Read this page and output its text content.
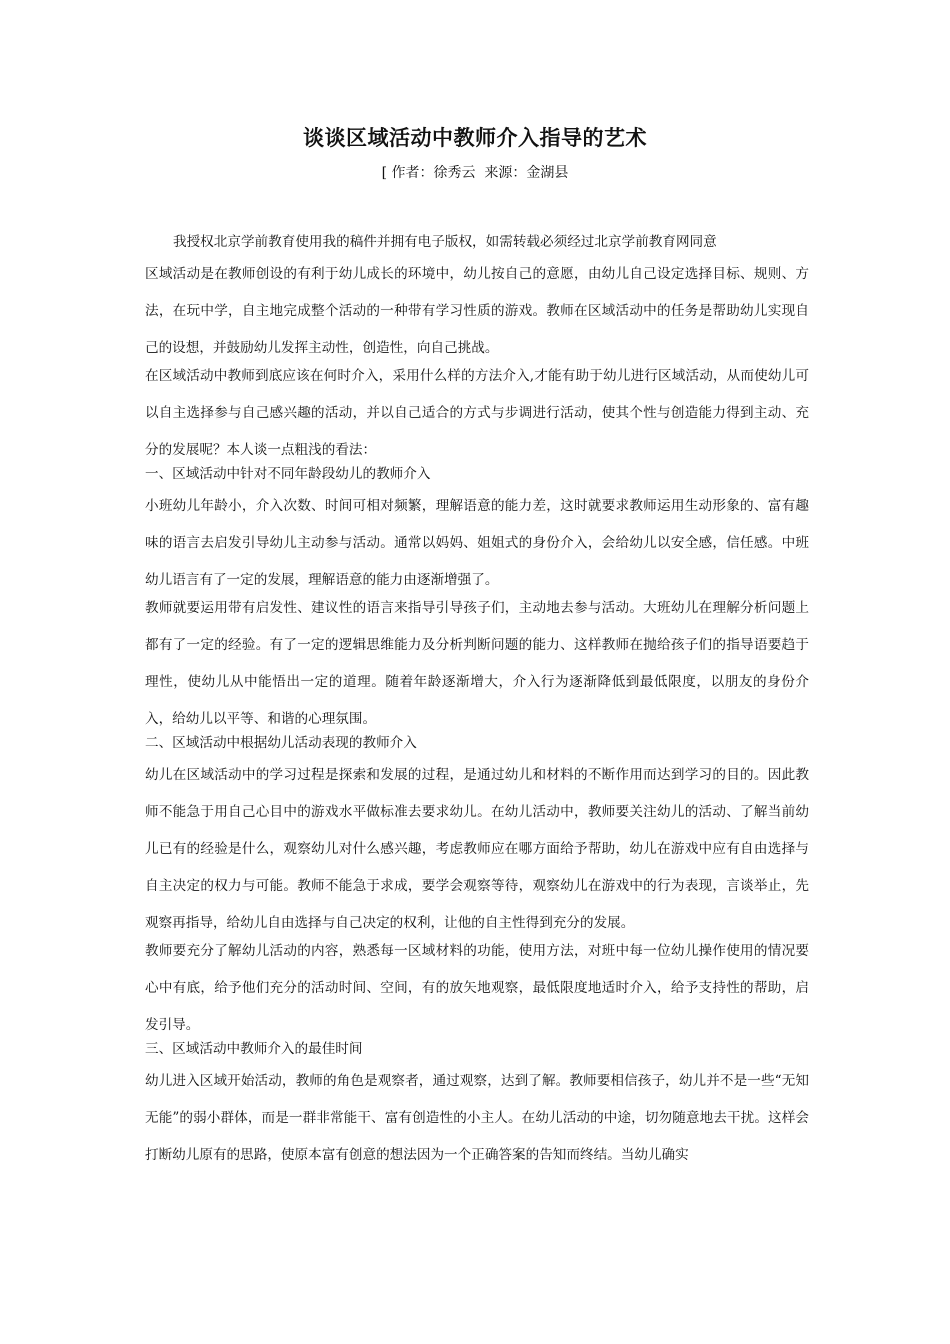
谈谈区域活动中教师介入指导的艺术
[ 作者：徐秀云  来源：金湖县

我授权北京学前教育使用我的稿件并拥有电子版权，如需转载必须经过北京学前教育网同意

区域活动是在教师创设的有利于幼儿成长的环境中，幼儿按自己的意愿，由幼儿自己设定选择目标、规则、方法，在玩中学，自主地完成整个活动的一种带有学习性质的游戏。教师在区域活动中的任务是帮助幼儿实现自己的设想，并鼓励幼儿发挥主动性，创造性，向自己挑战。

在区域活动中教师到底应该在何时介入，采用什么样的方法介入,才能有助于幼儿进行区域活动，从而使幼儿可以自主选择参与自己感兴趣的活动，并以自己适合的方式与步调进行活动，使其个性与创造能力得到主动、充分的发展呢？本人谈一点粗浅的看法：

一、区域活动中针对不同年龄段幼儿的教师介入

小班幼儿年龄小，介入次数、时间可相对频繁，理解语意的能力差，这时就要求教师运用生动形象的、富有趣味的语言去启发引导幼儿主动参与活动。通常以妈妈、姐姐式的身份介入，会给幼儿以安全感，信任感。中班幼儿语言有了一定的发展，理解语意的能力由逐渐增强了。

教师就要运用带有启发性、建议性的语言来指导引导孩子们，主动地去参与活动。大班幼儿在理解分析问题上都有了一定的经验。有了一定的逻辑思维能力及分析判断问题的能力、这样教师在抛给孩子们的指导语要趋于理性，使幼儿从中能悟出一定的道理。随着年龄逐渐增大，介入行为逐渐降低到最低限度，以朋友的身份介入，给幼儿以平等、和谐的心理氛围。

二、区域活动中根据幼儿活动表现的教师介入

幼儿在区域活动中的学习过程是探索和发展的过程，是通过幼儿和材料的不断作用而达到学习的目的。因此教师不能急于用自己心目中的游戏水平做标准去要求幼儿。在幼儿活动中，教师要关注幼儿的活动、了解当前幼儿已有的经验是什么，观察幼儿对什么感兴趣，考虑教师应在哪方面给予帮助，幼儿在游戏中应有自由选择与自主决定的权力与可能。教师不能急于求成，要学会观察等待，观察幼儿在游戏中的行为表现，言谈举止，先观察再指导，给幼儿自由选择与自己决定的权利，让他的自主性得到充分的发展。

教师要充分了解幼儿活动的内容，熟悉每一区域材料的功能，使用方法，对班中每一位幼儿操作使用的情况要心中有底，给予他们充分的活动时间、空间，有的放矢地观察，最低限度地适时介入，给予支持性的帮助，启发引导。

三、区域活动中教师介入的最佳时间

幼儿进入区域开始活动，教师的角色是观察者，通过观察，达到了解。教师要相信孩子，幼儿并不是一些“无知无能”的弱小群体，而是一群非常能干、富有创造性的小主人。在幼儿活动的中途，切勿随意地去干扰。这样会打断幼儿原有的思路，使原本富有创意的想法因为一个正确答案的告知而终结。当幼儿确实
